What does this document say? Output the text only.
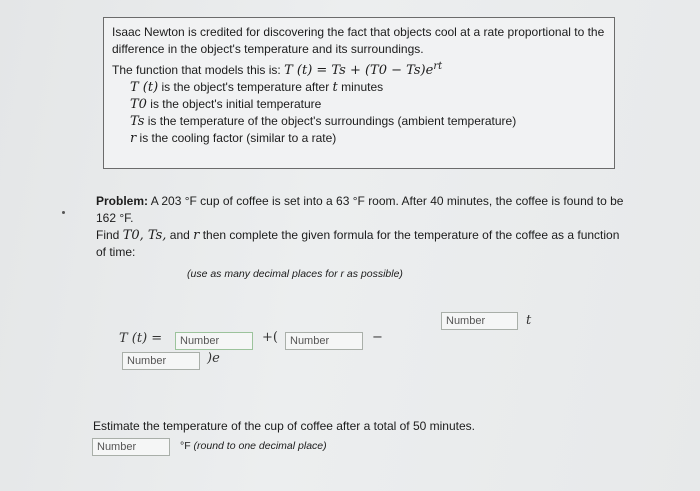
Isaac Newton is credited for discovering the fact that objects cool at a rate proportional to the difference in the object's temperature and its surroundings.
The function that models this is: T $(t) = Ts + (T0 - Ts)e^{rt}$
T (t) is the object's temperature after t minutes
T0 is the object's initial temperature
Ts is the temperature of the object's surroundings (ambient temperature)
r is the cooling factor (similar to a rate)
Problem: A 203 °F cup of coffee is set into a 63 °F room. After 40 minutes, the coffee is found to be 162 °F.
Find T0, Ts, and r then complete the given formula for the temperature of the coffee as a function of time:
(use as many decimal places for r as possible)
Number	t
T (t) =	Number	+(	Number	−
Number	)e
Estimate the temperature of the cup of coffee after a total of 50 minutes.
Number	°F (round to one decimal place)
